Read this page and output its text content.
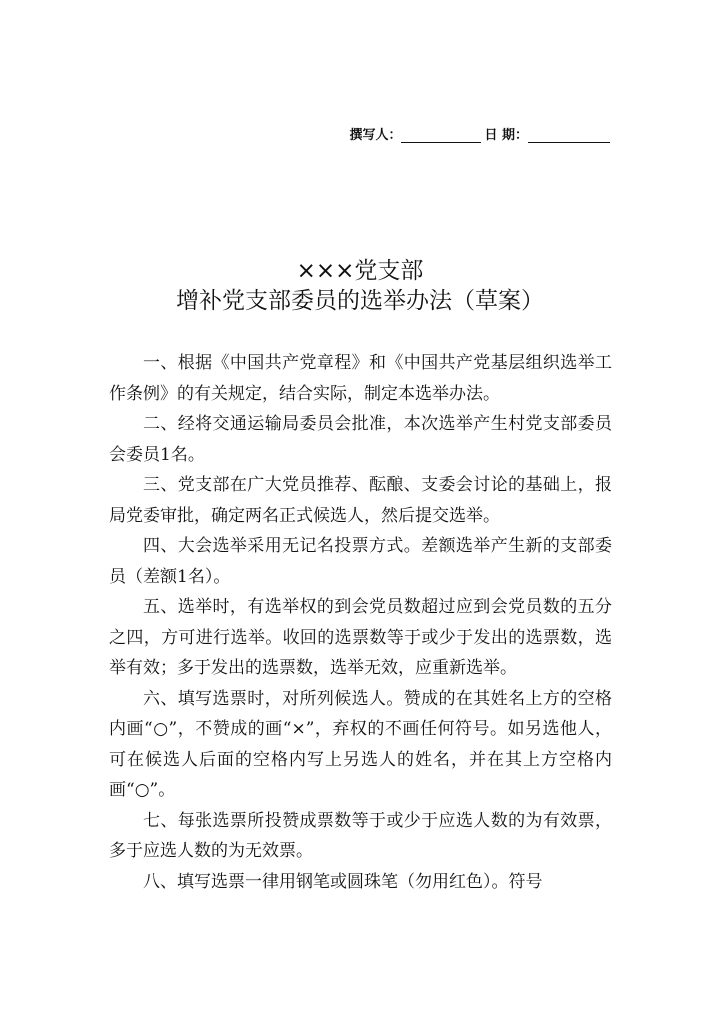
撰写人：	日 期：
×××党支部
增补党支部委员的选举办法（草案）

一、根据《中国共产党章程》和《中国共产党基层组织选举工作条例》的有关规定，结合实际，制定本选举办法。

二、经将交通运输局委员会批准，本次选举产生村党支部委员会委员1名。

三、党支部在广大党员推荐、酝酿、支委会讨论的基础上，报局党委审批，确定两名正式候选人，然后提交选举。

四、大会选举采用无记名投票方式。差额选举产生新的支部委员（差额1名）。

五、选举时，有选举权的到会党员数超过应到会党员数的五分之四，方可进行选举。收回的选票数等于或少于发出的选票数，选举有效；多于发出的选票数，选举无效，应重新选举。

六、填写选票时，对所列候选人。赞成的在其姓名上方的空格内画“○”，不赞成的画“×”，弃权的不画任何符号。如另选他人，可在候选人后面的空格内写上另选人的姓名，并在其上方空格内画“○”。

七、每张选票所投赞成票数等于或少于应选人数的为有效票，多于应选人数的为无效票。

八、填写选票一律用钢笔或圆珠笔（勿用红色）。符号
